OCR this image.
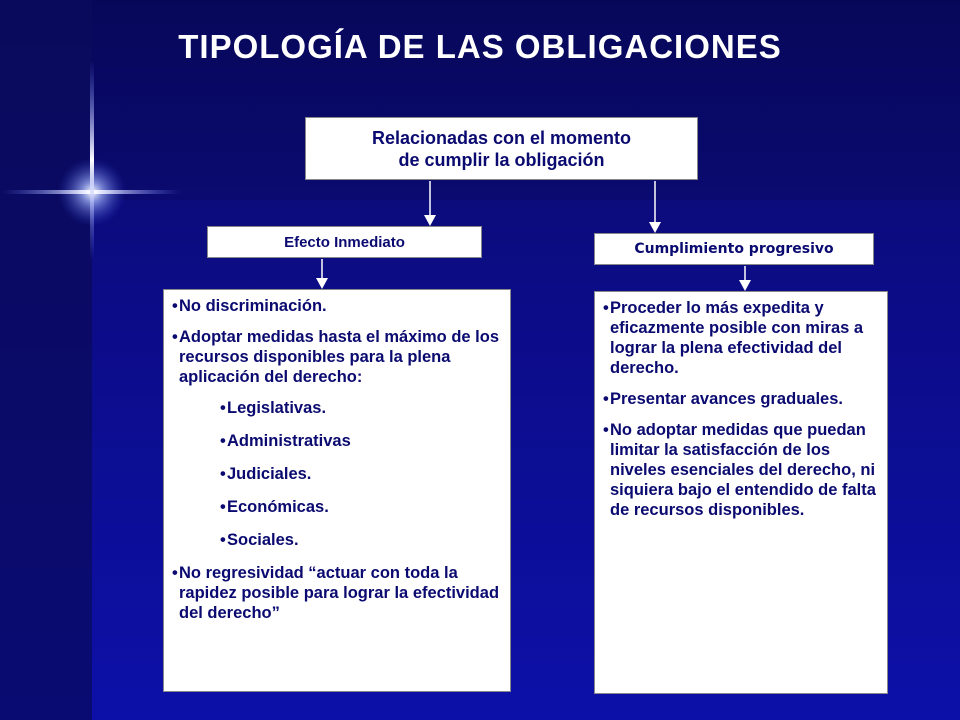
TIPOLOGÍA DE LAS OBLIGACIONES
Relacionadas con el momento
de cumplir la obligación
Efecto Inmediato	Cumplimiento progresivo
• No discriminación.
• Adoptar medidas hasta el máximo de los recursos disponibles para la plena aplicación del derecho:
• Legislativas.
• Administrativas
• Judiciales.
• Económicas.
• Sociales.
• No regresividad “actuar con toda la rapidez posible para lograr la efectividad del derecho”
• Proceder lo más expedita y eficazmente posible con miras a lograr la plena efectividad del derecho.
• Presentar avances graduales.
• No adoptar medidas que puedan limitar la satisfacción de los niveles esenciales del derecho, ni siquiera bajo el entendido de falta de recursos disponibles.
